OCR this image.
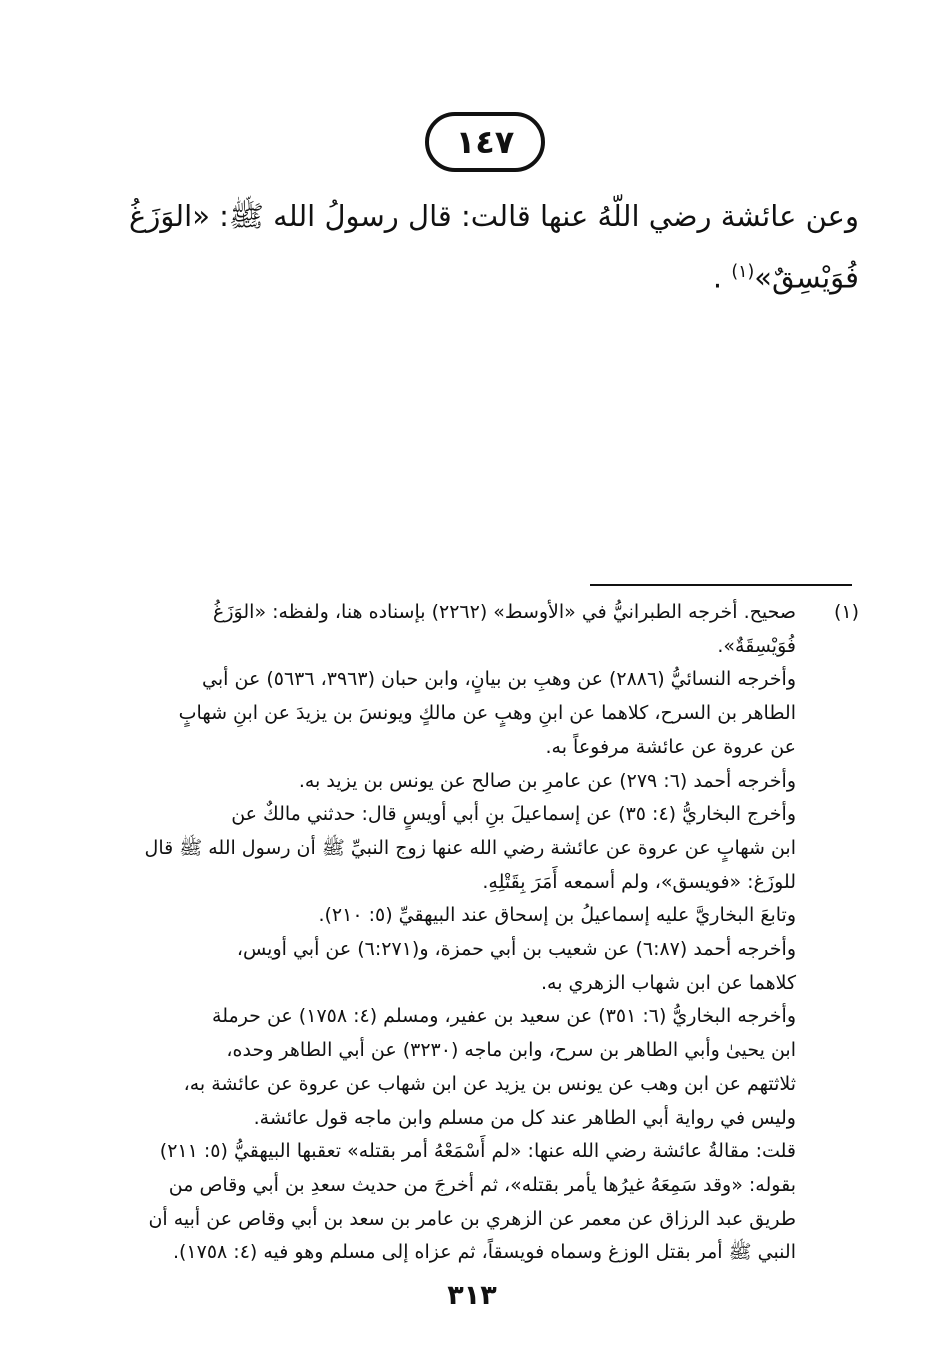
١٤٧
وعن عائشة رضي اللّهُ عنها قالت: قال رسولُ الله ﷺ: «الوَزَغُ
فُوَيْسِقٌ»$^{(١)}$ .
(١)
صحيح. أخرجه الطبرانيُّ في «الأوسط» (٢٢٦٢) بإسناده هنا، ولفظه: «الوَزَغُ
فُوَيْسِقَةٌ».
وأخرجه النسائيُّ (٢٨٨٦) عن وهبِ بن بيانٍ، وابن حبان (٣٩٦٣، ٥٦٣٦) عن أبي
الطاهر بن السرح، كلاهما عن ابنِ وهبٍ عن مالكٍ ويونسَ بن يزيدَ عن ابنِ شهابٍ
عن عروة عن عائشة مرفوعاً به.
وأخرجه أحمد (٦: ٢٧٩) عن عامرِ بن صالح عن يونس بن يزيد به.
وأخرج البخاريُّ (٤: ٣٥) عن إسماعيلَ بنِ أبي أويسٍ قال: حدثني مالكٌ عن
ابن شهابٍ عن عروة عن عائشة رضي الله عنها زوج النبيِّ ﷺ أن رسول الله ﷺ قال
للوزَغ: «فويسق»، ولم أسمعه أَمَرَ بِقَتْلِهِ.
وتابعَ البخاريَّ عليه إسماعيلُ بن إسحاق عند البيهقيِّ (٥: ٢١٠).
وأخرجه أحمد (٦:٨٧) عن شعيب بن أبي حمزة، و(٦:٢٧١) عن أبي أويس،
كلاهما عن ابن شهاب الزهري به.
وأخرجه البخاريُّ (٦: ٣٥١) عن سعيد بن عفير، ومسلم (٤: ١٧٥٨) عن حرملة
ابن يحيىٰ وأبي الطاهر بن سرح، وابن ماجه (٣٢٣٠) عن أبي الطاهر وحده،
ثلاثتهم عن ابن وهب عن يونس بن يزيد عن ابن شهاب عن عروة عن عائشة به،
وليس في رواية أبي الطاهر عند كل من مسلم وابن ماجه قول عائشة.
قلت: مقالةُ عائشة رضي الله عنها: «لم أَسْمَعْهُ أمر بقتله» تعقبها البيهقيُّ (٥: ٢١١)
بقوله: «وقد سَمِعَهُ غيرُها يأمر بقتله»، ثم أخرجَ من حديث سعدِ بن أبي وقاص من
طريق عبد الرزاق عن معمر عن الزهري بن عامر بن سعد بن أبي وقاص عن أبيه أن
النبي ﷺ أمر بقتل الوزغ وسماه فويسقاً، ثم عزاه إلى مسلم وهو فيه (٤: ١٧٥٨).
٣١٣
